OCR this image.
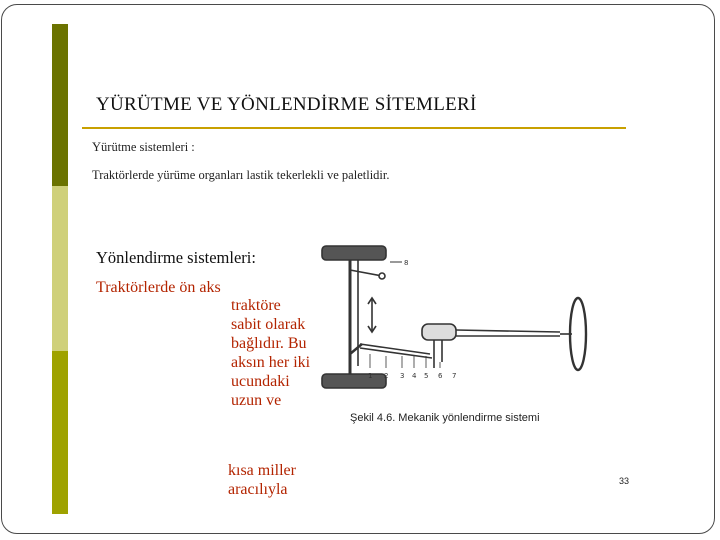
YÜRÜTME VE YÖNLENDİRME SİTEMLERİ
Yürütme sistemleri :
Traktörlerde yürüme organları lastik tekerlekli ve paletlidir.
Yönlendirme sistemleri:
Traktörlerde ön aks
traktöre sabit olarak bağlıdır. Bu aksın her iki ucundaki uzun ve
kısa miller aracılıyla
8
1 2 3 4 5 6 7
Şekil 4.6. Mekanik yönlendirme sistemi
33
